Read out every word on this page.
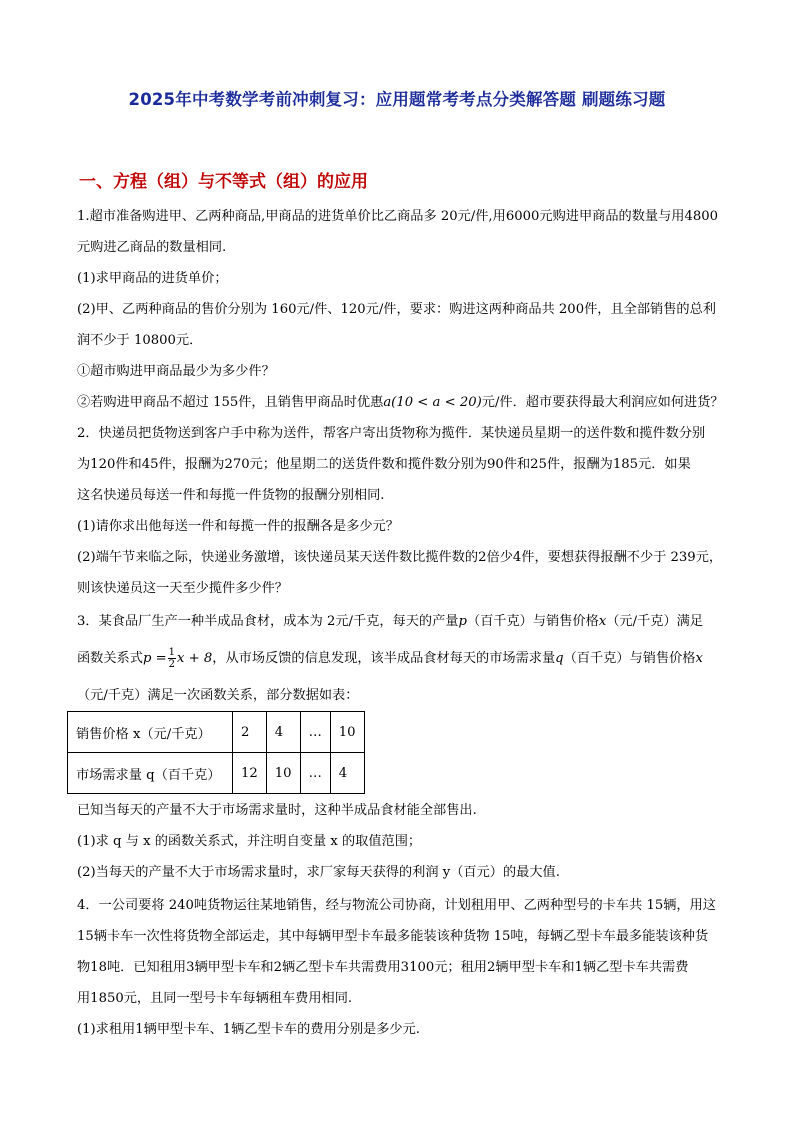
2025年中考数学考前冲刺复习：应用题常考考点分类解答题 刷题练习题
一、方程（组）与不等式（组）的应用
1.超市准备购进甲、乙两种商品,甲商品的进货单价比乙商品多 20元/件,用6000元购进甲商品的数量与用4800
元购进乙商品的数量相同.
(1)求甲商品的进货单价；
(2)甲、乙两种商品的售价分别为 160元/件、120元/件，要求：购进这两种商品共 200件，且全部销售的总利
润不少于 10800元．
①超市购进甲商品最少为多少件？
②若购进甲商品不超过 155件，且销售甲商品时优惠a(10 < a < 20)元/件．超市要获得最大利润应如何进货？
2．快递员把货物送到客户手中称为送件，帮客户寄出货物称为揽件．某快递员星期一的送件数和揽件数分别
为120件和45件，报酬为270元；他星期二的送货件数和揽件数分别为90件和25件，报酬为185元．如果
这名快递员每送一件和每揽一件货物的报酬分别相同.
(1)请你求出他每送一件和每揽一件的报酬各是多少元？
(2)端午节来临之际，快递业务激增，该快递员某天送件数比揽件数的2倍少4件，要想获得报酬不少于 239元，
则该快递员这一天至少揽件多少件？
3．某食品厂生产一种半成品食材，成本为 2元/千克，每天的产量p（百千克）与销售价格x（元/千克）满足
函数关系式$p = \frac{1}{2}$ x + 8，从市场反馈的信息发现，该半成品食材每天的市场需求量q（百千克）与销售价格x
（元/千克）满足一次函数关系，部分数据如表：
销售价格 x（元/千克）	2	4	…	10
市场需求量 q（百千克）	12	10	…	4
已知当每天的产量不大于市场需求量时，这种半成品食材能全部售出.
(1)求 q 与 x 的函数关系式，并注明自变量 x 的取值范围；
(2)当每天的产量不大于市场需求量时，求厂家每天获得的利润 y（百元）的最大值.
4．一公司要将 240吨货物运往某地销售，经与物流公司协商，计划租用甲、乙两种型号的卡车共 15辆，用这
15辆卡车一次性将货物全部运走，其中每辆甲型卡车最多能装该种货物 15吨，每辆乙型卡车最多能装该种货
物18吨．已知租用3辆甲型卡车和2辆乙型卡车共需费用3100元；租用2辆甲型卡车和1辆乙型卡车共需费
用1850元，且同一型号卡车每辆租车费用相同.
(1)求租用1辆甲型卡车、1辆乙型卡车的费用分别是多少元.
